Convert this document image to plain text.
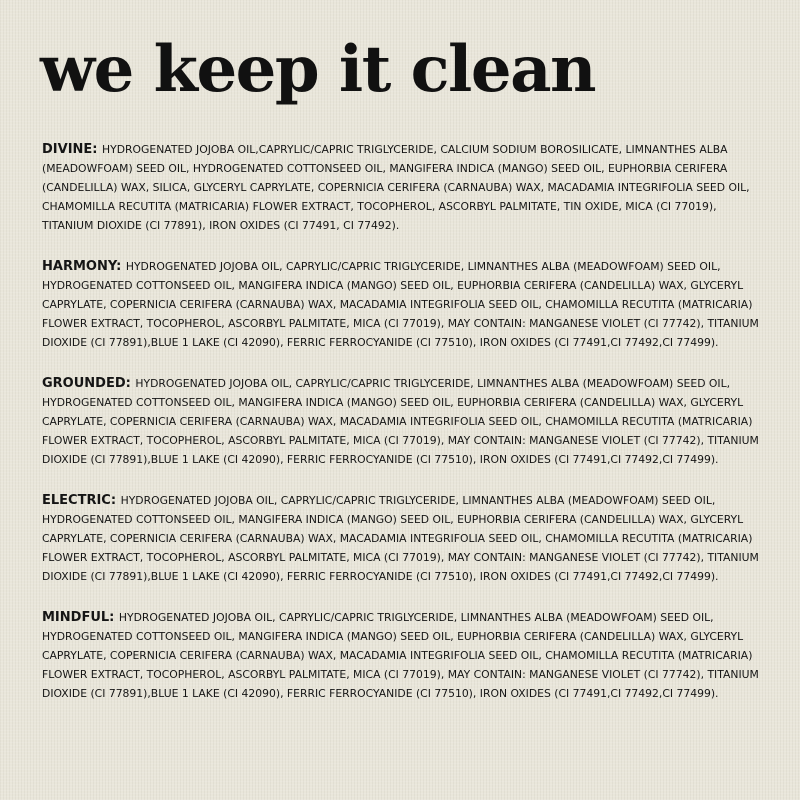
we keep it clean

DIVINE: HYDROGENATED JOJOBA OIL,CAPRYLIC/CAPRIC TRIGLYCERIDE, CALCIUM SODIUM BOROSILICATE, LIMNANTHES ALBA (MEADOWFOAM) SEED OIL, HYDROGENATED COTTONSEED OIL, MANGIFERA INDICA (MANGO) SEED OIL, EUPHORBIA CERIFERA (CANDELILLA) WAX, SILICA, GLYCERYL CAPRYLATE, COPERNICIA CERIFERA (CARNAUBA) WAX, MACADAMIA INTEGRIFOLIA SEED OIL, CHAMOMILLA RECUTITA (MATRICARIA) FLOWER EXTRACT, TOCOPHEROL, ASCORBYL PALMITATE, TIN OXIDE, MICA (CI 77019), TITANIUM DIOXIDE (CI 77891), IRON OXIDES (CI 77491, CI 77492).

HARMONY: HYDROGENATED JOJOBA OIL, CAPRYLIC/CAPRIC TRIGLYCERIDE, LIMNANTHES ALBA (MEADOWFOAM) SEED OIL, HYDROGENATED COTTONSEED OIL, MANGIFERA INDICA (MANGO) SEED OIL, EUPHORBIA CERIFERA (CANDELILLA) WAX, GLYCERYL CAPRYLATE, COPERNICIA CERIFERA (CARNAUBA) WAX, MACADAMIA INTEGRIFOLIA SEED OIL, CHAMOMILLA RECUTITA (MATRICARIA) FLOWER EXTRACT, TOCOPHEROL, ASCORBYL PALMITATE, MICA (CI 77019), MAY CONTAIN: MANGANESE VIOLET (CI 77742), TITANIUM DIOXIDE (CI 77891),BLUE 1 LAKE (CI 42090), FERRIC FERROCYANIDE (CI 77510), IRON OXIDES (CI 77491,CI 77492,CI 77499).

GROUNDED: HYDROGENATED JOJOBA OIL, CAPRYLIC/CAPRIC TRIGLYCERIDE, LIMNANTHES ALBA (MEADOWFOAM) SEED OIL, HYDROGENATED COTTONSEED OIL, MANGIFERA INDICA (MANGO) SEED OIL, EUPHORBIA CERIFERA (CANDELILLA) WAX, GLYCERYL CAPRYLATE, COPERNICIA CERIFERA (CARNAUBA) WAX, MACADAMIA INTEGRIFOLIA SEED OIL, CHAMOMILLA RECUTITA (MATRICARIA) FLOWER EXTRACT, TOCOPHEROL, ASCORBYL PALMITATE, MICA (CI 77019), MAY CONTAIN: MANGANESE VIOLET (CI 77742), TITANIUM DIOXIDE (CI 77891),BLUE 1 LAKE (CI 42090), FERRIC FERROCYANIDE (CI 77510), IRON OXIDES (CI 77491,CI 77492,CI 77499).

ELECTRIC: HYDROGENATED JOJOBA OIL, CAPRYLIC/CAPRIC TRIGLYCERIDE, LIMNANTHES ALBA (MEADOWFOAM) SEED OIL, HYDROGENATED COTTONSEED OIL, MANGIFERA INDICA (MANGO) SEED OIL, EUPHORBIA CERIFERA (CANDELILLA) WAX, GLYCERYL CAPRYLATE, COPERNICIA CERIFERA (CARNAUBA) WAX, MACADAMIA INTEGRIFOLIA SEED OIL, CHAMOMILLA RECUTITA (MATRICARIA) FLOWER EXTRACT, TOCOPHEROL, ASCORBYL PALMITATE, MICA (CI 77019), MAY CONTAIN: MANGANESE VIOLET (CI 77742), TITANIUM DIOXIDE (CI 77891),BLUE 1 LAKE (CI 42090), FERRIC FERROCYANIDE (CI 77510), IRON OXIDES (CI 77491,CI 77492,CI 77499).

MINDFUL: HYDROGENATED JOJOBA OIL, CAPRYLIC/CAPRIC TRIGLYCERIDE, LIMNANTHES ALBA (MEADOWFOAM) SEED OIL, HYDROGENATED COTTONSEED OIL, MANGIFERA INDICA (MANGO) SEED OIL, EUPHORBIA CERIFERA (CANDELILLA) WAX, GLYCERYL CAPRYLATE, COPERNICIA CERIFERA (CARNAUBA) WAX, MACADAMIA INTEGRIFOLIA SEED OIL, CHAMOMILLA RECUTITA (MATRICARIA) FLOWER EXTRACT, TOCOPHEROL, ASCORBYL PALMITATE, MICA (CI 77019), MAY CONTAIN: MANGANESE VIOLET (CI 77742), TITANIUM DIOXIDE (CI 77891),BLUE 1 LAKE (CI 42090), FERRIC FERROCYANIDE (CI 77510), IRON OXIDES (CI 77491,CI 77492,CI 77499).
